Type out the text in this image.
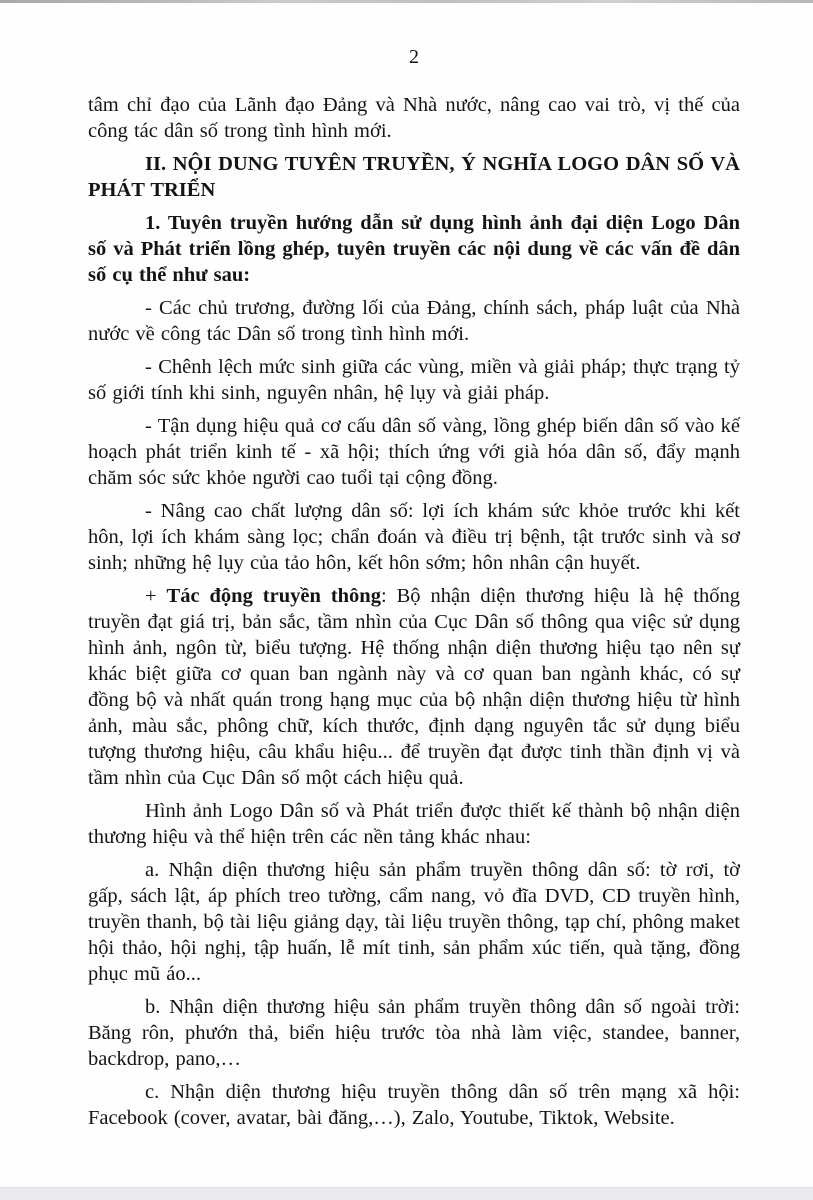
2

tâm chỉ đạo của Lãnh đạo Đảng và Nhà nước, nâng cao vai trò, vị thế của công tác dân số trong tình hình mới.

II. NỘI DUNG TUYÊN TRUYỀN, Ý NGHĨA LOGO DÂN SỐ VÀ PHÁT TRIỂN

1. Tuyên truyền hướng dẫn sử dụng hình ảnh đại diện Logo Dân số và Phát triển lồng ghép, tuyên truyền các nội dung về các vấn đề dân số cụ thể như sau:

- Các chủ trương, đường lối của Đảng, chính sách, pháp luật của Nhà nước về công tác Dân số trong tình hình mới.

- Chênh lệch mức sinh giữa các vùng, miền và giải pháp; thực trạng tỷ số giới tính khi sinh, nguyên nhân, hệ lụy và giải pháp.

- Tận dụng hiệu quả cơ cấu dân số vàng, lồng ghép biến dân số vào kế hoạch phát triển kinh tế - xã hội; thích ứng với già hóa dân số, đẩy mạnh chăm sóc sức khỏe người cao tuổi tại cộng đồng.

- Nâng cao chất lượng dân số: lợi ích khám sức khỏe trước khi kết hôn, lợi ích khám sàng lọc; chẩn đoán và điều trị bệnh, tật trước sinh và sơ sinh; những hệ lụy của tảo hôn, kết hôn sớm; hôn nhân cận huyết.

+ Tác động truyền thông: Bộ nhận diện thương hiệu là hệ thống truyền đạt giá trị, bản sắc, tầm nhìn của Cục Dân số thông qua việc sử dụng hình ảnh, ngôn từ, biểu tượng. Hệ thống nhận diện thương hiệu tạo nên sự khác biệt giữa cơ quan ban ngành này và cơ quan ban ngành khác, có sự đồng bộ và nhất quán trong hạng mục của bộ nhận diện thương hiệu từ hình ảnh, màu sắc, phông chữ, kích thước, định dạng nguyên tắc sử dụng biểu tượng thương hiệu, câu khẩu hiệu... để truyền đạt được tinh thần định vị và tầm nhìn của Cục Dân số một cách hiệu quả.

Hình ảnh Logo Dân số và Phát triển được thiết kế thành bộ nhận diện thương hiệu và thể hiện trên các nền tảng khác nhau:

a. Nhận diện thương hiệu sản phẩm truyền thông dân số: tờ rơi, tờ gấp, sách lật, áp phích treo tường, cẩm nang, vỏ đĩa DVD, CD truyền hình, truyền thanh, bộ tài liệu giảng dạy, tài liệu truyền thông, tạp chí, phông maket hội thảo, hội nghị, tập huấn, lễ mít tinh, sản phẩm xúc tiến, quà tặng, đồng phục mũ áo...

b. Nhận diện thương hiệu sản phẩm truyền thông dân số ngoài trời: Băng rôn, phướn thả, biển hiệu trước tòa nhà làm việc, standee, banner, backdrop, pano,…

c. Nhận diện thương hiệu truyền thông dân số trên mạng xã hội: Facebook (cover, avatar, bài đăng,…), Zalo, Youtube, Tiktok, Website.
